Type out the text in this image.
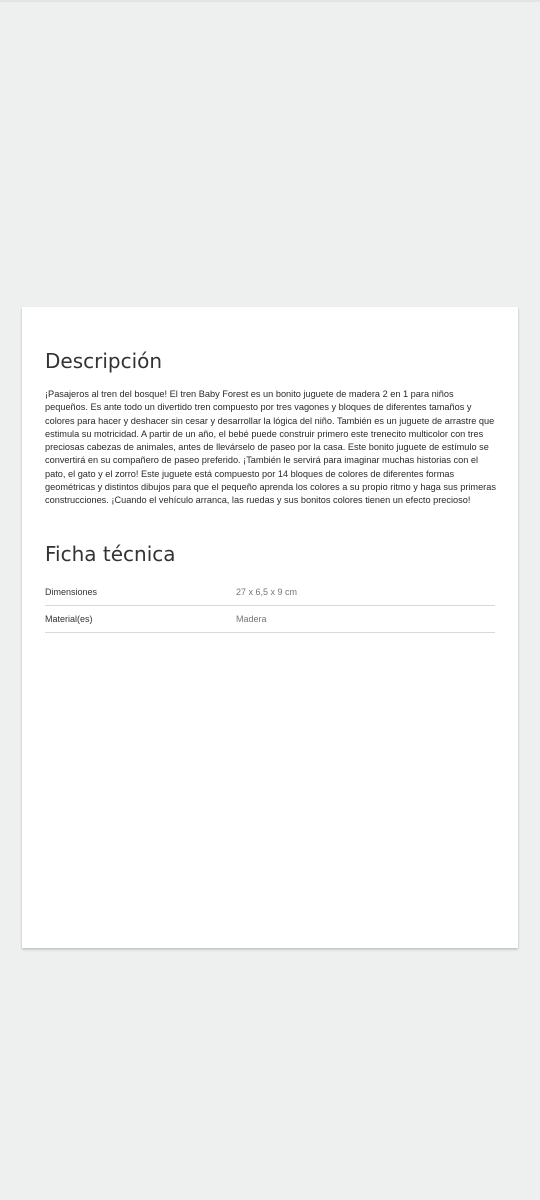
Descripción

¡Pasajeros al tren del bosque! El tren Baby Forest es un bonito juguete de madera 2 en 1 para niños pequeños. Es ante todo un divertido tren compuesto por tres vagones y bloques de diferentes tamaños y colores para hacer y deshacer sin cesar y desarrollar la lógica del niño. También es un juguete de arrastre que estimula su motricidad. A partir de un año, el bebé puede construir primero este trenecito multicolor con tres preciosas cabezas de animales, antes de llevárselo de paseo por la casa. Este bonito juguete de estímulo se convertirá en su compañero de paseo preferido. ¡También le servirá para imaginar muchas historias con el pato, el gato y el zorro! Este juguete está compuesto por 14 bloques de colores de diferentes formas geométricas y distintos dibujos para que el pequeño aprenda los colores a su propio ritmo y haga sus primeras construcciones. ¡Cuando el vehículo arranca, las ruedas y sus bonitos colores tienen un efecto precioso!

Ficha técnica
Dimensiones	27 x 6,5 x 9 cm
Material(es)	Madera
